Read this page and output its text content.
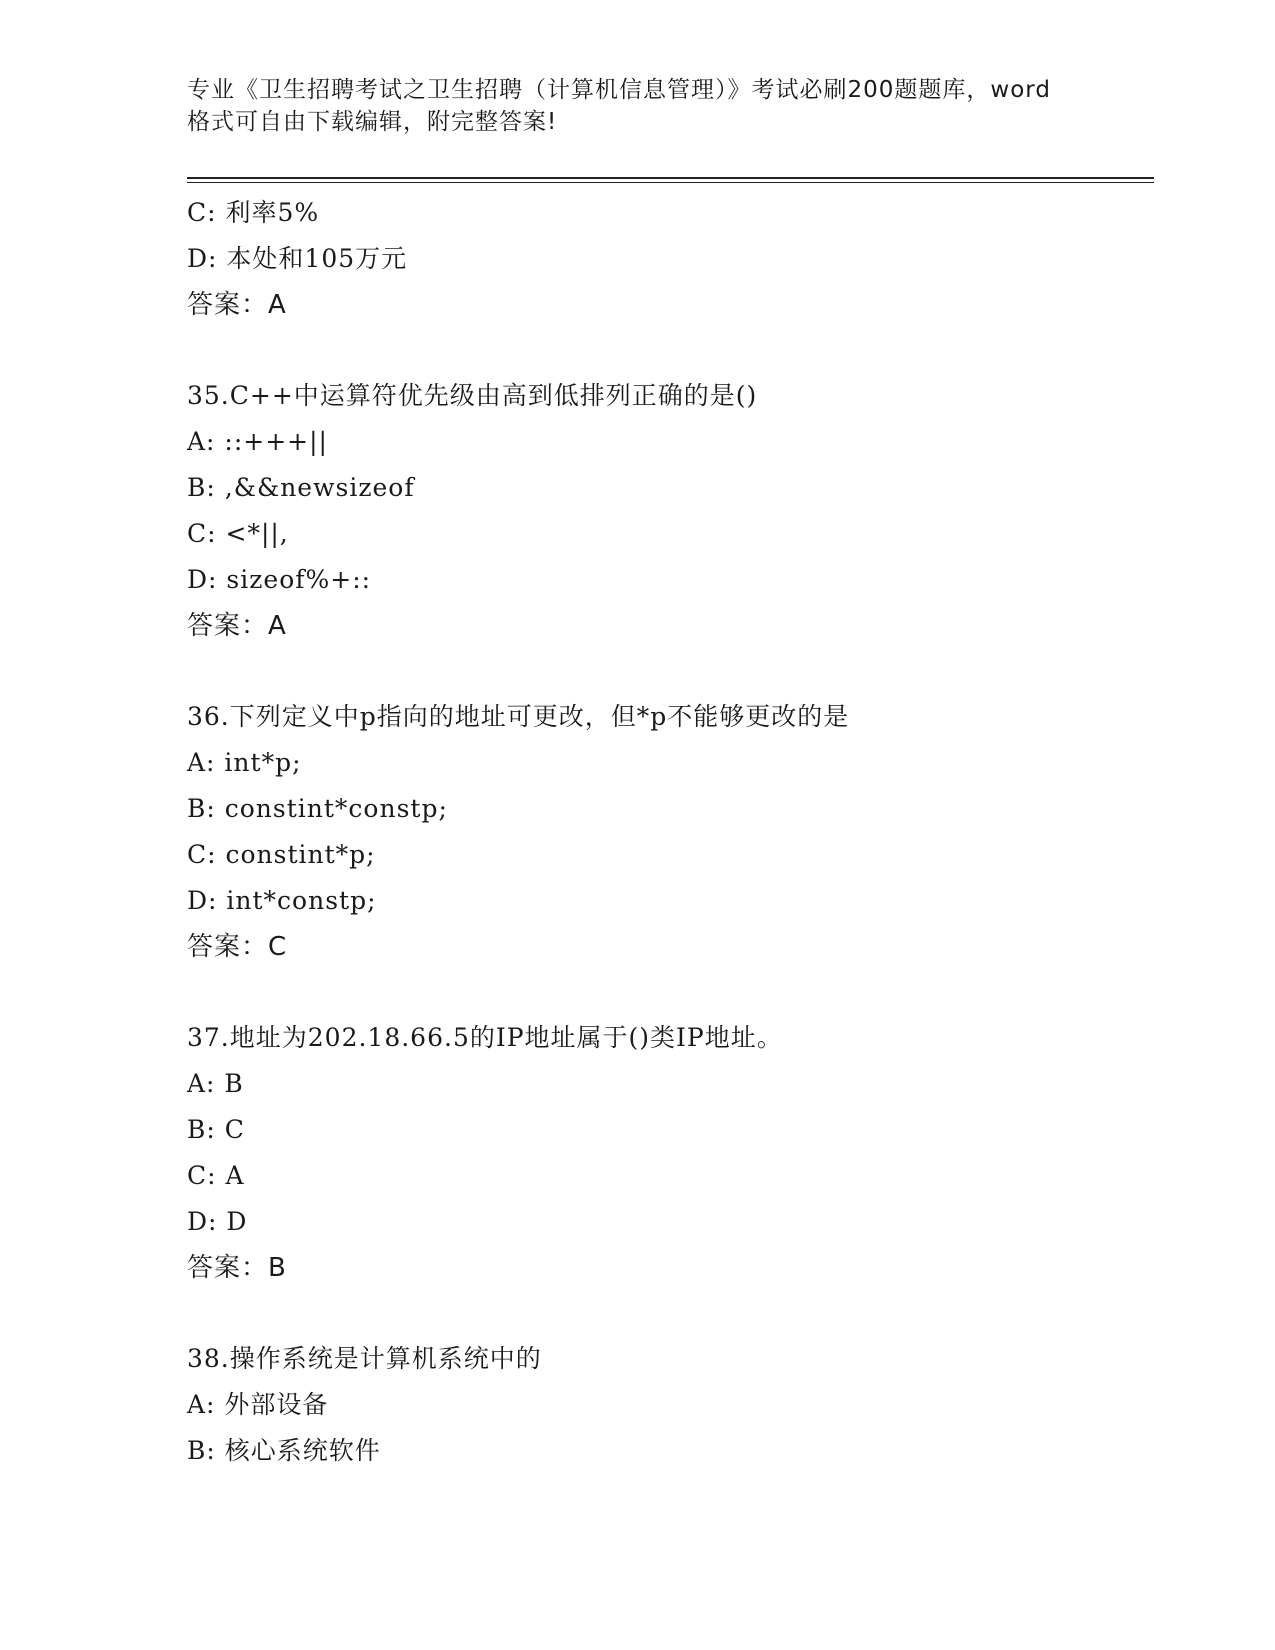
专业《卫生招聘考试之卫生招聘（计算机信息管理）》考试必刷200题题库，word
格式可自由下载编辑，附完整答案!
C: 利率5%
D: 本处和105万元
答案：A
35.C++中运算符优先级由高到低排列正确的是()
A: ::+++||
B: ,&&newsizeof
C: <*||,
D: sizeof%+::
答案：A
36.下列定义中p指向的地址可更改，但*p不能够更改的是
A: int*p;
B: constint*constp;
C: constint*p;
D: int*constp;
答案：C
37.地址为202.18.66.5的IP地址属于()类IP地址。
A: B
B: C
C: A
D: D
答案：B
38.操作系统是计算机系统中的
A: 外部设备
B: 核心系统软件
